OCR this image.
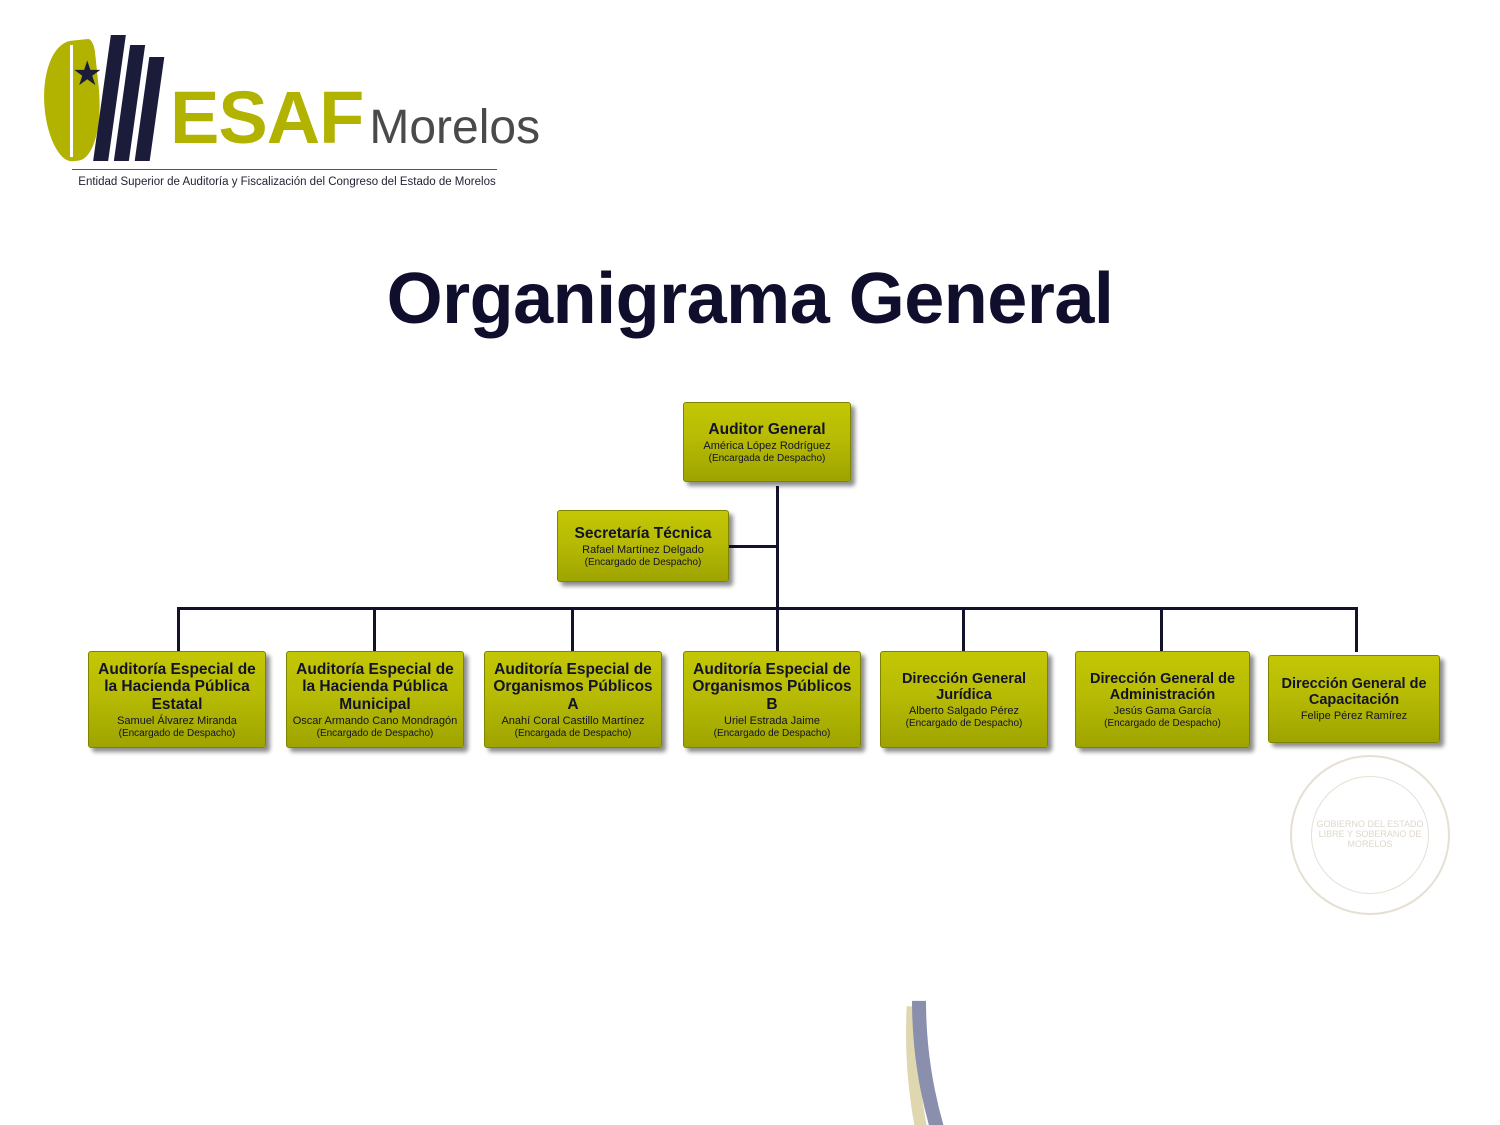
GOBIERNO DEL ESTADO LIBRE Y SOBERANO DE MORELOS
★
ESAF Morelos
Entidad Superior de Auditoría y Fiscalización del Congreso del Estado de Morelos
Organigrama General
Auditor General
América López Rodríguez
(Encargada de Despacho)
Secretaría Técnica
Rafael Martínez Delgado
(Encargado de Despacho)
Auditoría Especial de la Hacienda Pública Estatal
Samuel Álvarez Miranda
(Encargado de Despacho)
Auditoría Especial de la Hacienda Pública Municipal
Oscar Armando Cano Mondragón
(Encargado de Despacho)
Auditoría Especial de Organismos Públicos A
Anahí Coral Castillo Martínez
(Encargada de Despacho)
Auditoría Especial de Organismos Públicos B
Uriel Estrada Jaime
(Encargado de Despacho)
Dirección General Jurídica
Alberto Salgado Pérez
(Encargado de Despacho)
Dirección General de Administración
Jesús Gama García
(Encargado de Despacho)
Dirección General de Capacitación
Felipe Pérez Ramírez
